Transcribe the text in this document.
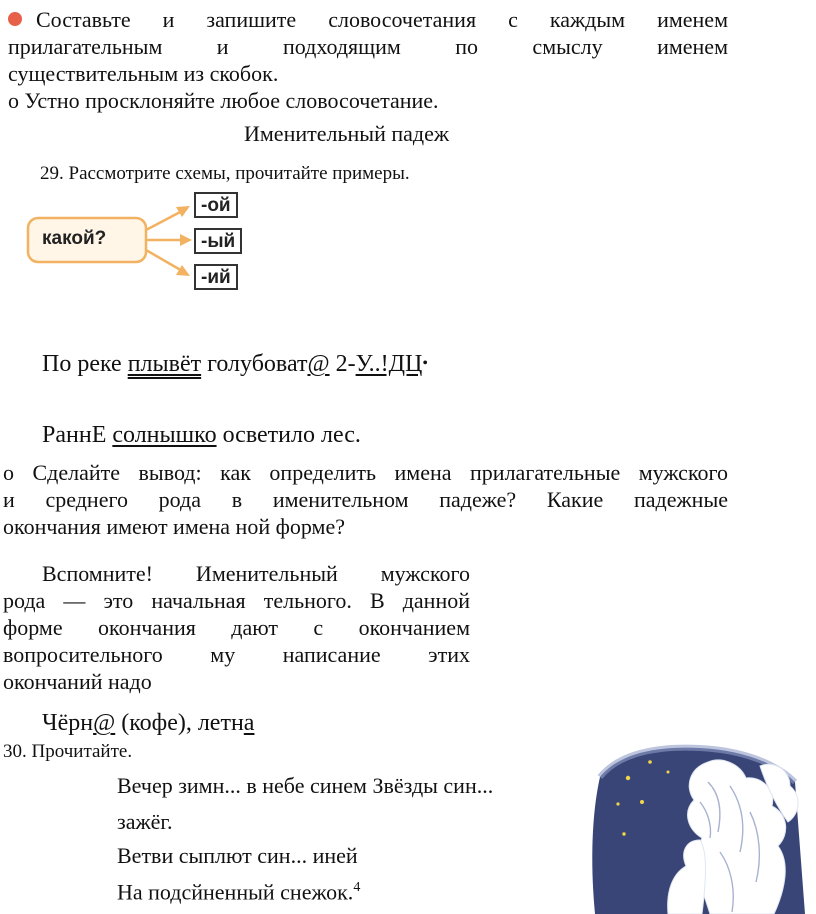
Составьте и запишите словосочетания с каждым именем
прилагательным и подходящим по смыслу именем
существительным из скобок.
o Устно просклоняйте любое словосочетание.
Именительный падеж
29. Рассмотрите схемы, прочитайте примеры.
какой?
-ой
-ый
-ий
По реке плывёт голубоват@ 2-У..!ДЦ•
РаннЕ солнышко осветило лес.
o Сделайте вывод: как определить имена прилагательные мужского
и среднего рода в именительном падеже? Какие падежные
окончания имеют имена ной форме?
Вспомните! Именительный мужского
рода — это начальная тельного. В данной
форме окончания дают с окончанием
вопросительного му написание этих
окончаний надо
Чёрн@ (кофе), летна
30. Прочитайте.
Вечер зимн... в небе синем Звёзды син...
зажёг.
Ветви сыплют син... иней
На подсйненный снежок.$^4$
